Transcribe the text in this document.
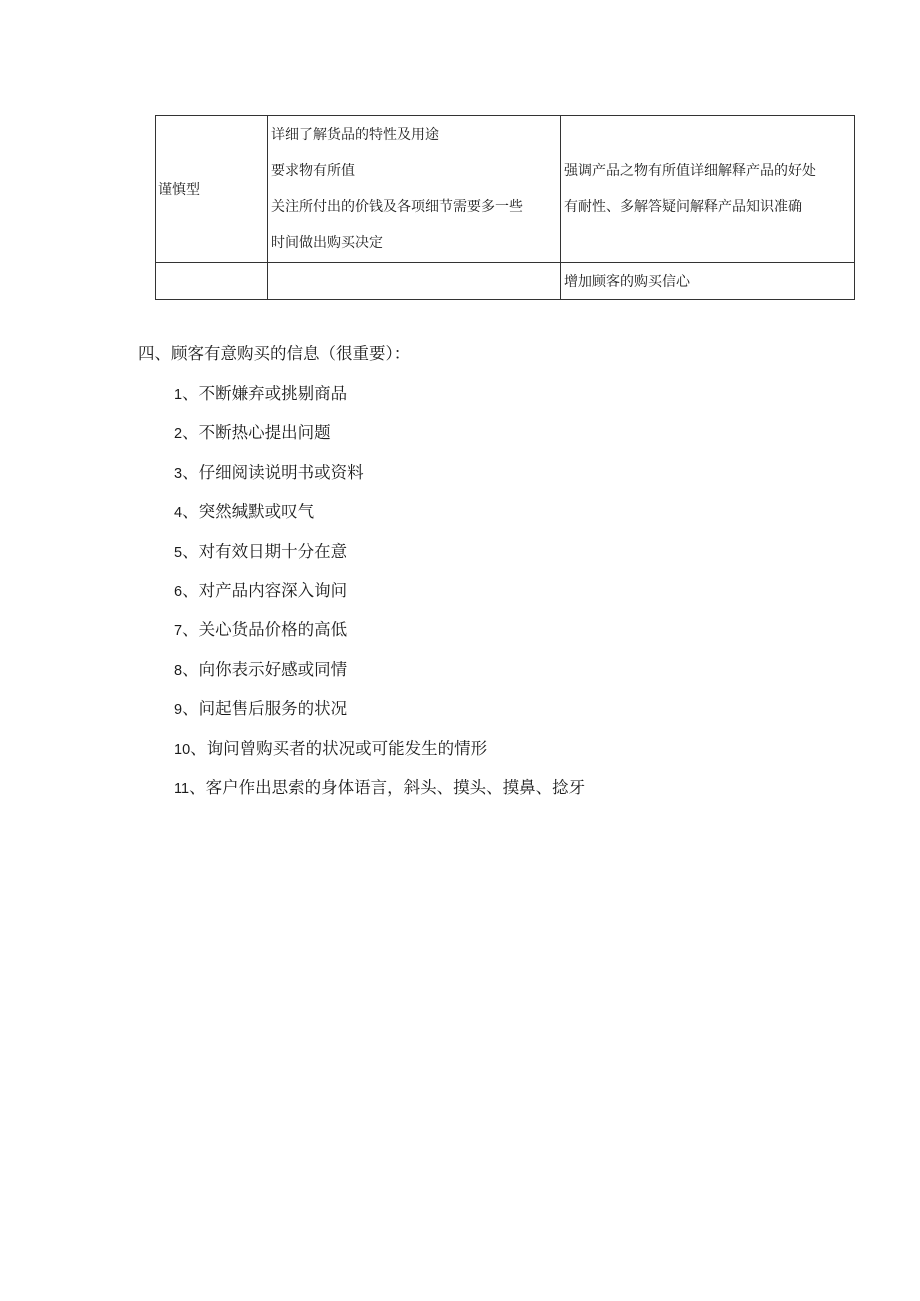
谨慎型	详细了解货品的特性及用途
要求物有所值
关注所付出的价钱及各项细节需要多一些
时间做出购买决定	强调产品之物有所值详细解释产品的好处
有耐性、多解答疑问解释产品知识准确

		增加顾客的购买信心
四、顾客有意购买的信息（很重要）：
1、不断嫌弃或挑剔商品
2、不断热心提出问题
3、仔细阅读说明书或资料
4、突然缄默或叹气
5、对有效日期十分在意
6、对产品内容深入询问
7、关心货品价格的高低
8、向你表示好感或同情
9、问起售后服务的状况
10、询问曾购买者的状况或可能发生的情形
11、客户作出思索的身体语言，斜头、摸头、摸鼻、捻牙
